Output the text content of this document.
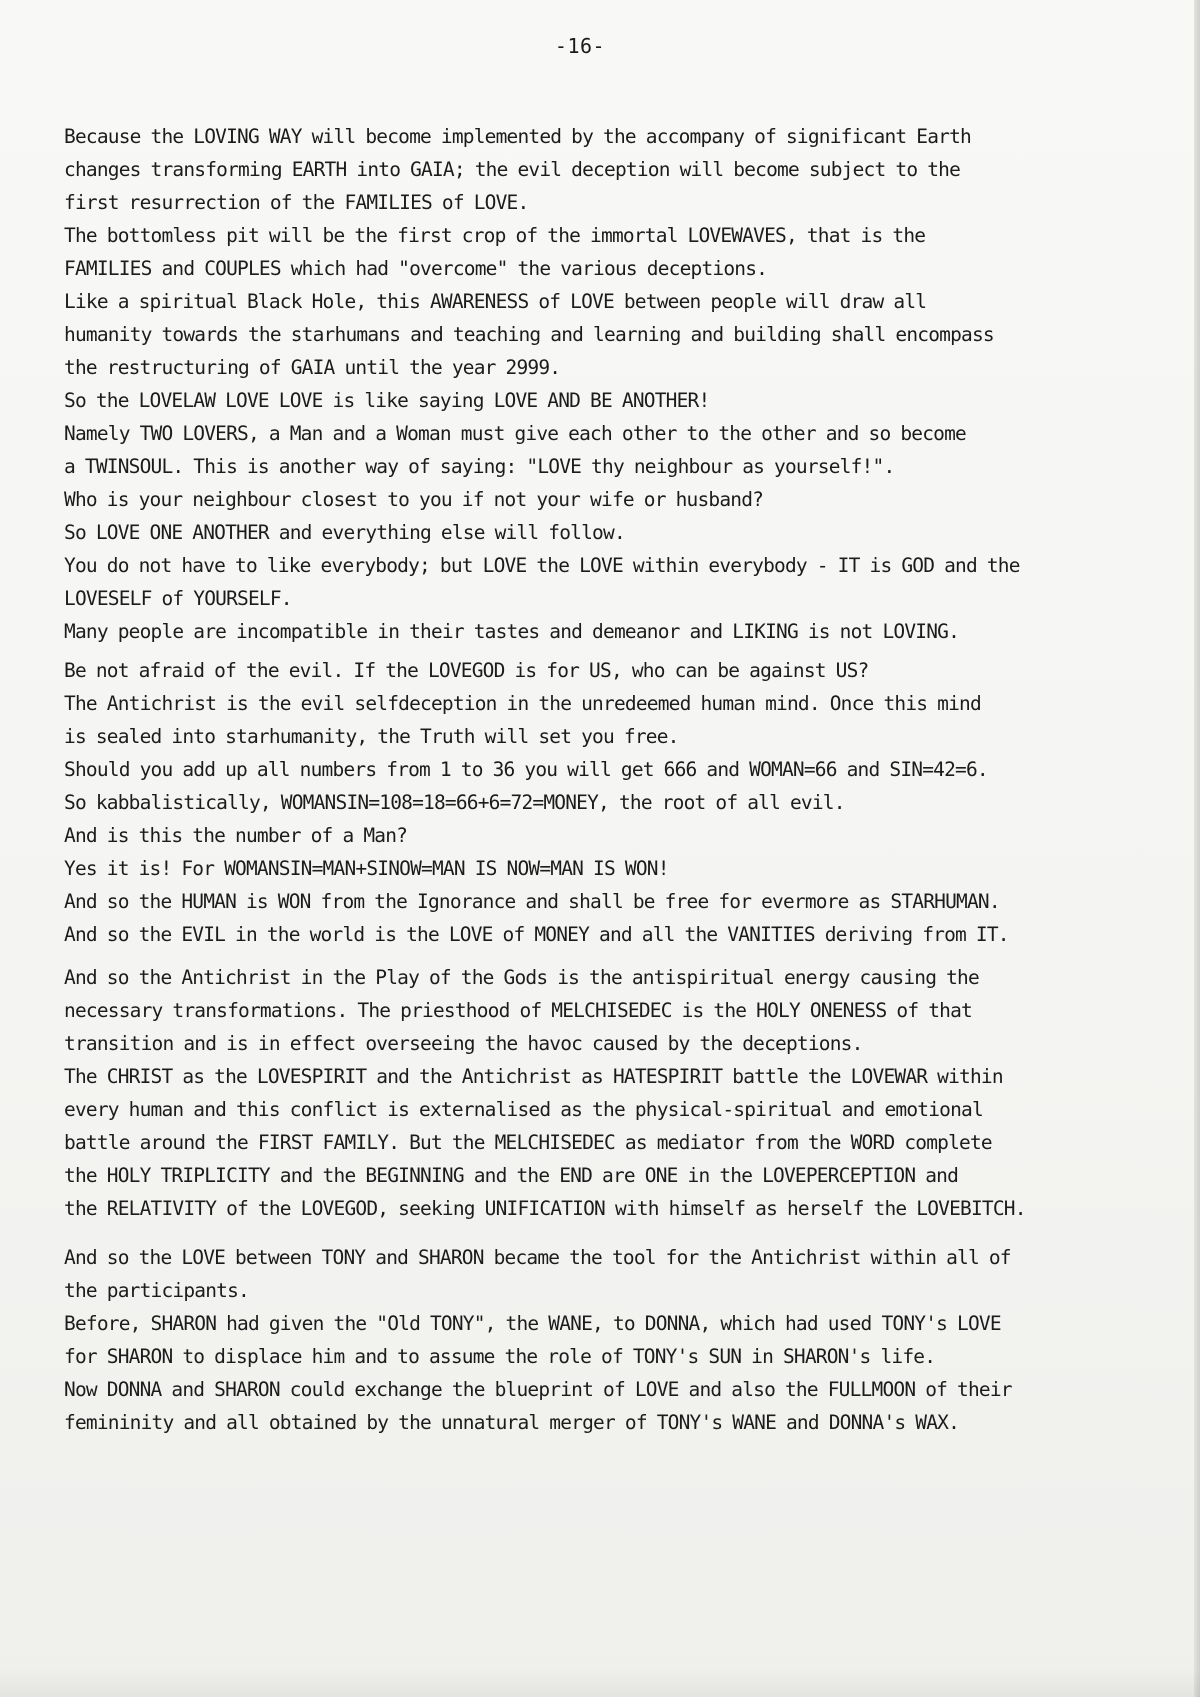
-16-
Because the LOVING WAY will become implemented by the accompany of significant Earth
changes transforming EARTH into GAIA; the evil deception will become subject to the
first resurrection of the FAMILIES of LOVE.
The bottomless pit will be the first crop of the immortal LOVEWAVES, that is the
FAMILIES and COUPLES which had "overcome" the various deceptions.
Like a spiritual Black Hole, this AWARENESS of LOVE between people will draw all
humanity towards the starhumans and teaching and learning and building shall encompass
the restructuring of GAIA until the year 2999.
So the LOVELAW LOVE LOVE is like saying LOVE AND BE ANOTHER!
Namely TWO LOVERS, a Man and a Woman must give each other to the other and so become
a TWINSOUL. This is another way of saying: "LOVE thy neighbour as yourself!".
Who is your neighbour closest to you if not your wife or husband?
So LOVE ONE ANOTHER and everything else will follow.
You do not have to like everybody; but LOVE the LOVE within everybody - IT is GOD and the
LOVESELF of YOURSELF.
Many people are incompatible in their tastes and demeanor and LIKING is not LOVING.
Be not afraid of the evil. If the LOVEGOD is for US, who can be against US?
The Antichrist is the evil selfdeception in the unredeemed human mind. Once this mind
is sealed into starhumanity, the Truth will set you free.
Should you add up all numbers from 1 to 36 you will get 666 and WOMAN=66 and SIN=42=6.
So kabbalistically, WOMANSIN=108=18=66+6=72=MONEY, the root of all evil.
And is this the number of a Man?
Yes it is! For WOMANSIN=MAN+SINOW=MAN IS NOW=MAN IS WON!
And so the HUMAN is WON from the Ignorance and shall be free for evermore as STARHUMAN.
And so the EVIL in the world is the LOVE of MONEY and all the VANITIES deriving from IT.
And so the Antichrist in the Play of the Gods is the antispiritual energy causing the
necessary transformations. The priesthood of MELCHISEDEC is the HOLY ONENESS of that
transition and is in effect overseeing the havoc caused by the deceptions.
The CHRIST as the LOVESPIRIT and the Antichrist as HATESPIRIT battle the LOVEWAR within
every human and this conflict is externalised as the physical-spiritual and emotional
battle around the FIRST FAMILY. But the MELCHISEDEC as mediator from the WORD complete
the HOLY TRIPLICITY and the BEGINNING and the END are ONE in the LOVEPERCEPTION and
the RELATIVITY of the LOVEGOD, seeking UNIFICATION with himself as herself the LOVEBITCH.
And so the LOVE between TONY and SHARON became the tool for the Antichrist within all of
the participants.
Before, SHARON had given the "Old TONY", the WANE, to DONNA, which had used TONY's LOVE
for SHARON to displace him and to assume the role of TONY's SUN in SHARON's life.
Now DONNA and SHARON could exchange the blueprint of LOVE and also the FULLMOON of their
femininity and all obtained by the unnatural merger of TONY's WANE and DONNA's WAX.
